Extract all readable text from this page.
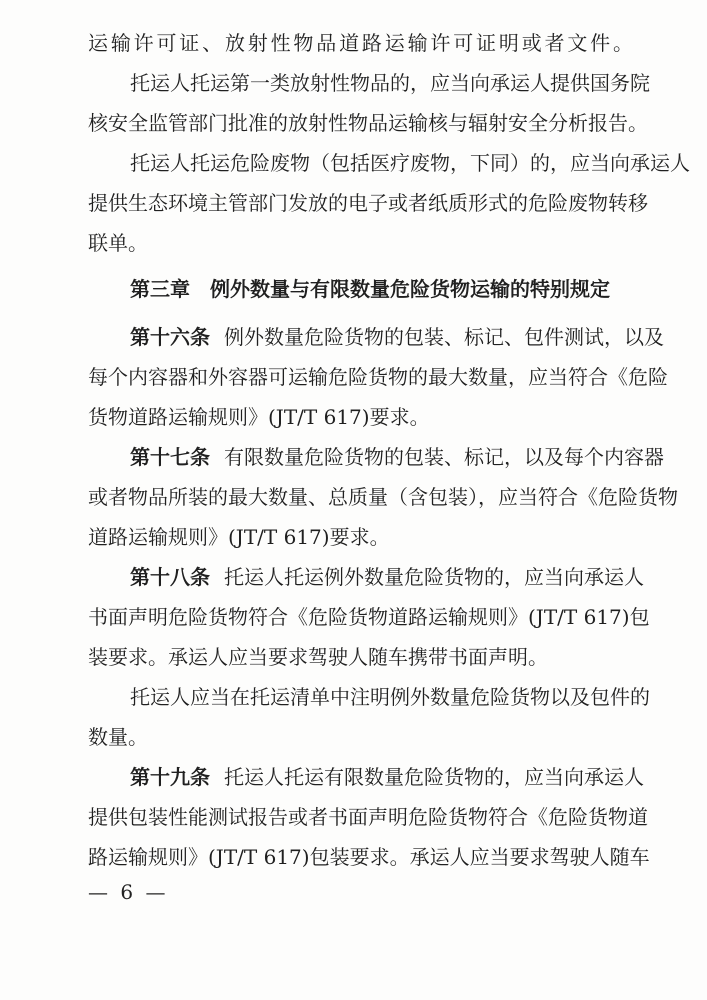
运输许可证、放射性物品道路运输许可证明或者文件。
托运人托运第一类放射性物品的，应当向承运人提供国务院
核安全监管部门批准的放射性物品运输核与辐射安全分析报告。
托运人托运危险废物（包括医疗废物，下同）的，应当向承运人
提供生态环境主管部门发放的电子或者纸质形式的危险废物转移
联单。
第三章　例外数量与有限数量危险货物运输的特别规定
第十六条 例外数量危险货物的包装、标记、包件测试，以及
每个内容器和外容器可运输危险货物的最大数量，应当符合《危险
货物道路运输规则》(JT/T 617)要求。
第十七条 有限数量危险货物的包装、标记，以及每个内容器
或者物品所装的最大数量、总质量（含包装），应当符合《危险货物
道路运输规则》(JT/T 617)要求。
第十八条 托运人托运例外数量危险货物的，应当向承运人
书面声明危险货物符合《危险货物道路运输规则》(JT/T 617)包
装要求。承运人应当要求驾驶人随车携带书面声明。
托运人应当在托运清单中注明例外数量危险货物以及包件的
数量。
第十九条 托运人托运有限数量危险货物的，应当向承运人
提供包装性能测试报告或者书面声明危险货物符合《危险货物道
路运输规则》(JT/T 617)包装要求。承运人应当要求驾驶人随车
— 6 —
